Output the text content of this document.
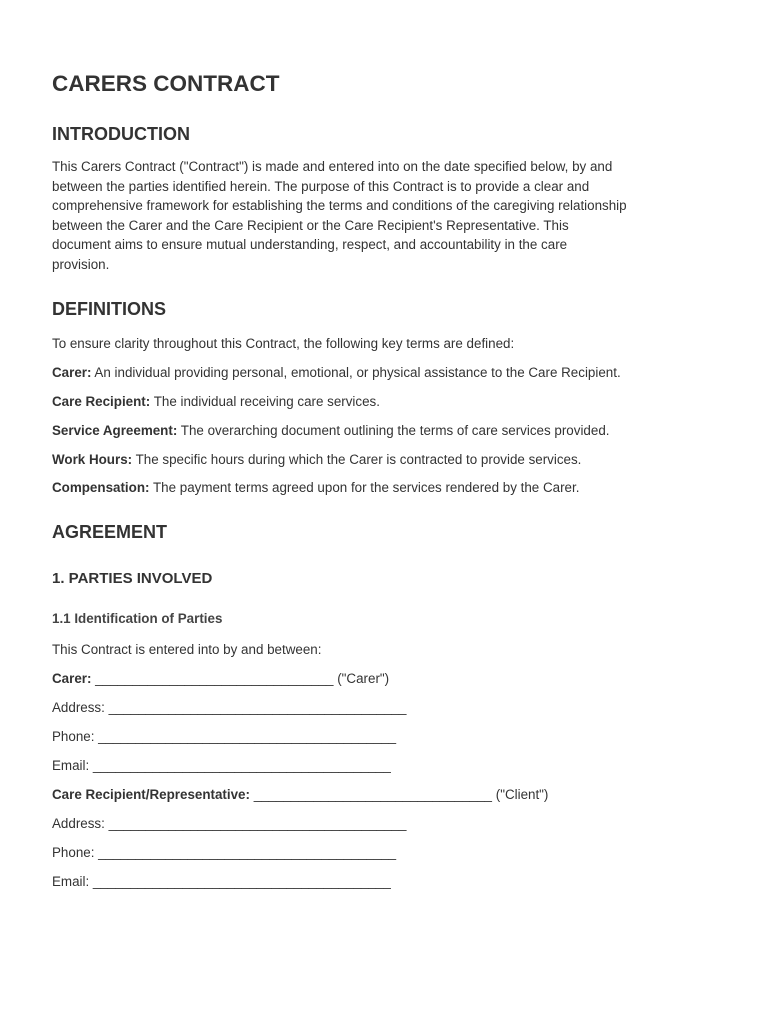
CARERS CONTRACT
INTRODUCTION

This Carers Contract ("Contract") is made and entered into on the date specified below, by and
between the parties identified herein. The purpose of this Contract is to provide a clear and
comprehensive framework for establishing the terms and conditions of the caregiving relationship
between the Carer and the Care Recipient or the Care Recipient's Representative. This
document aims to ensure mutual understanding, respect, and accountability in the care
provision.

DEFINITIONS

To ensure clarity throughout this Contract, the following key terms are defined:

Carer: An individual providing personal, emotional, or physical assistance to the Care Recipient.

Care Recipient: The individual receiving care services.

Service Agreement: The overarching document outlining the terms of care services provided.

Work Hours: The specific hours during which the Carer is contracted to provide services.

Compensation: The payment terms agreed upon for the services rendered by the Carer.

AGREEMENT
1. PARTIES INVOLVED
1.1 Identification of Parties

This Contract is entered into by and between:

Carer: ________________________________ ("Carer")

Address: ________________________________________

Phone: ________________________________________

Email: ________________________________________

Care Recipient/Representative: ________________________________ ("Client")

Address: ________________________________________

Phone: ________________________________________

Email: ________________________________________
